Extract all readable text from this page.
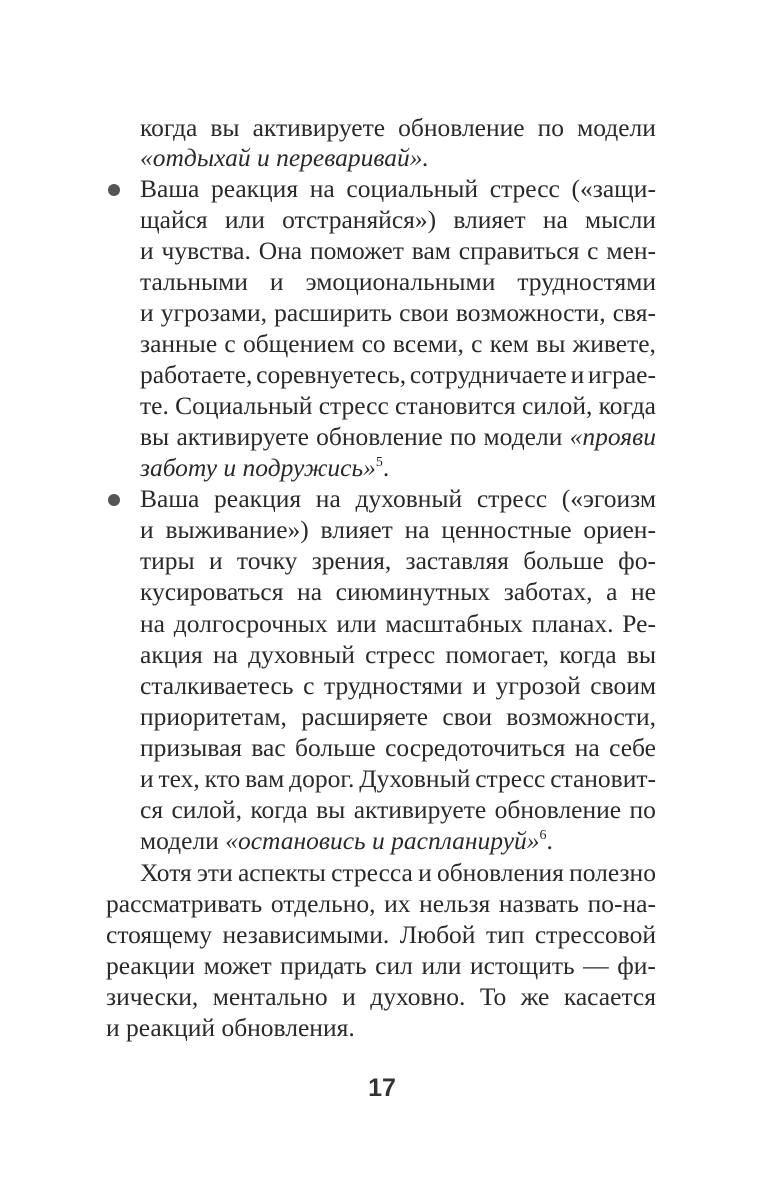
когда вы активируете обновление по модели
«отдыхай и переваривай».
Ваша реакция на социальный стресс («защи-
щайся или отстраняйся») влияет на мысли
и чувства. Она поможет вам справиться с мен-
тальными и эмоциональными трудностями
и угрозами, расширить свои возможности, свя-
занные с общением со всеми, с кем вы живете,
работаете, соревнуетесь, сотрудничаете и играе-
те. Социальный стресс становится силой, когда
вы активируете обновление по модели «прояви
заботу и подружись»$^5$.
Ваша реакция на духовный стресс («эгоизм
и выживание») влияет на ценностные ориен-
тиры и точку зрения, заставляя больше фо-
кусироваться на сиюминутных заботах, а не
на долгосрочных или масштабных планах. Ре-
акция на духовный стресс помогает, когда вы
сталкиваетесь с трудностями и угрозой своим
приоритетам, расширяете свои возможности,
призывая вас больше сосредоточиться на себе
и тех, кто вам дорог. Духовный стресс становит-
ся силой, когда вы активируете обновление по
модели «остановись и распланируй»$^6$.
Хотя эти аспекты стресса и обновления полезно
рассматривать отдельно, их нельзя назвать по-на-
стоящему независимыми. Любой тип стрессовой
реакции может придать сил или истощить — фи-
зически, ментально и духовно. То же касается
и реакций обновления.
17
